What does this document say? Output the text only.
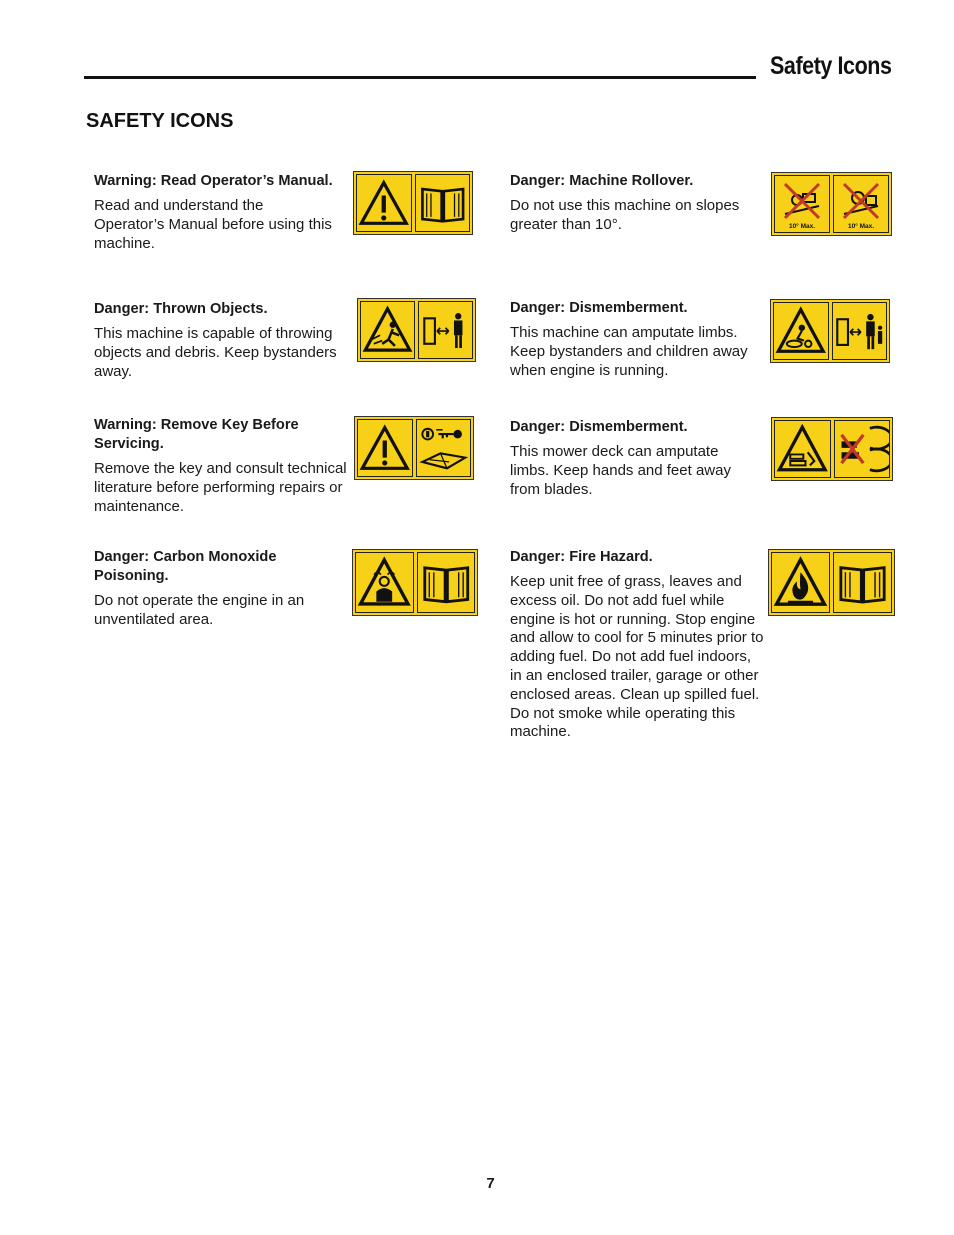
Safety Icons
SAFETY ICONS
Warning: Read Operator’s Manual.

Read and understand the Operator’s Manual before using this machine.

Danger: Machine Rollover.

Do not use this machine on slopes greater than 10°.	10° Max.	10° Max.
Danger: Thrown Objects.

This machine is capable of throwing objects and debris. Keep bystanders away.

Danger: Dismemberment.

This machine can amputate limbs. Keep bystanders and children away when engine is running.

Warning: Remove Key Before Servicing.

Remove the key and consult technical literature before performing repairs or maintenance.

Danger: Dismemberment.

This mower deck can amputate limbs. Keep hands and feet away from blades.

Danger: Carbon Monoxide Poisoning.

Do not operate the engine in an unventilated area.

Danger: Fire Hazard.

Keep unit free of grass, leaves and excess oil. Do not add fuel while engine is hot or running. Stop engine and allow to cool for 5 minutes prior to adding fuel. Do not add fuel indoors, in an enclosed trailer, garage or other enclosed areas. Clean up spilled fuel. Do not smoke while operating this machine.

7
